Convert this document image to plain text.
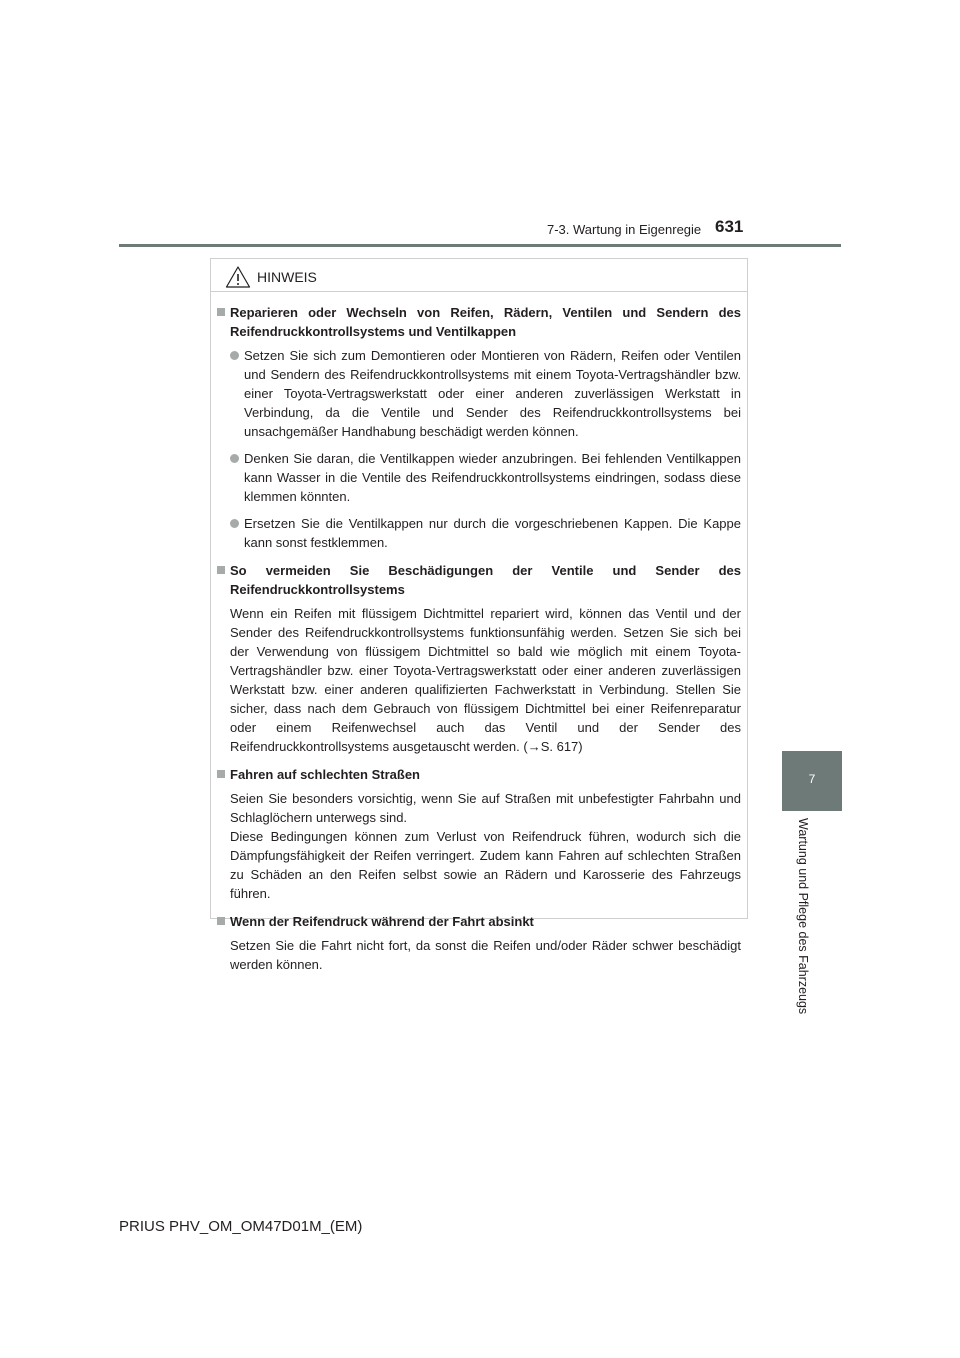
7-3. Wartung in Eigenregie 631
7
Wartung und Pflege des Fahrzeugs
HINWEIS
Reparieren oder Wechseln von Reifen, Rädern, Ventilen und Sendern des Reifendruckkontrollsystems und Ventilkappen
Setzen Sie sich zum Demontieren oder Montieren von Rädern, Reifen oder Ventilen und Sendern des Reifendruckkontrollsystems mit einem Toyota-Vertragshändler bzw. einer Toyota-Vertragswerkstatt oder einer anderen zuverlässigen Werkstatt in Verbindung, da die Ventile und Sender des Reifendruckkontrollsystems bei unsachgemäßer Handhabung beschädigt werden können.
Denken Sie daran, die Ventilkappen wieder anzubringen. Bei fehlenden Ventilkappen kann Wasser in die Ventile des Reifendruckkontrollsystems eindringen, sodass diese klemmen könnten.
Ersetzen Sie die Ventilkappen nur durch die vorgeschriebenen Kappen. Die Kappe kann sonst festklemmen.
So vermeiden Sie Beschädigungen der Ventile und Sender des Reifendruckkontrollsystems
Wenn ein Reifen mit flüssigem Dichtmittel repariert wird, können das Ventil und der Sender des Reifendruckkontrollsystems funktionsunfähig werden. Setzen Sie sich bei der Verwendung von flüssigem Dichtmittel so bald wie möglich mit einem Toyota-Vertragshändler bzw. einer Toyota-Vertragswerkstatt oder einer anderen zuverlässigen Werkstatt bzw. einer anderen qualifizierten Fachwerkstatt in Verbindung. Stellen Sie sicher, dass nach dem Gebrauch von flüssigem Dichtmittel bei einer Reifenreparatur oder einem Reifenwechsel auch das Ventil und der Sender des Reifendruckkontrollsystems ausgetauscht werden. (→S. 617)
Fahren auf schlechten Straßen
Seien Sie besonders vorsichtig, wenn Sie auf Straßen mit unbefestigter Fahrbahn und Schlaglöchern unterwegs sind.
Diese Bedingungen können zum Verlust von Reifendruck führen, wodurch sich die Dämpfungsfähigkeit der Reifen verringert. Zudem kann Fahren auf schlechten Straßen zu Schäden an den Reifen selbst sowie an Rädern und Karosserie des Fahrzeugs führen.
Wenn der Reifendruck während der Fahrt absinkt
Setzen Sie die Fahrt nicht fort, da sonst die Reifen und/oder Räder schwer beschädigt werden können.
PRIUS PHV_OM_OM47D01M_(EM)
